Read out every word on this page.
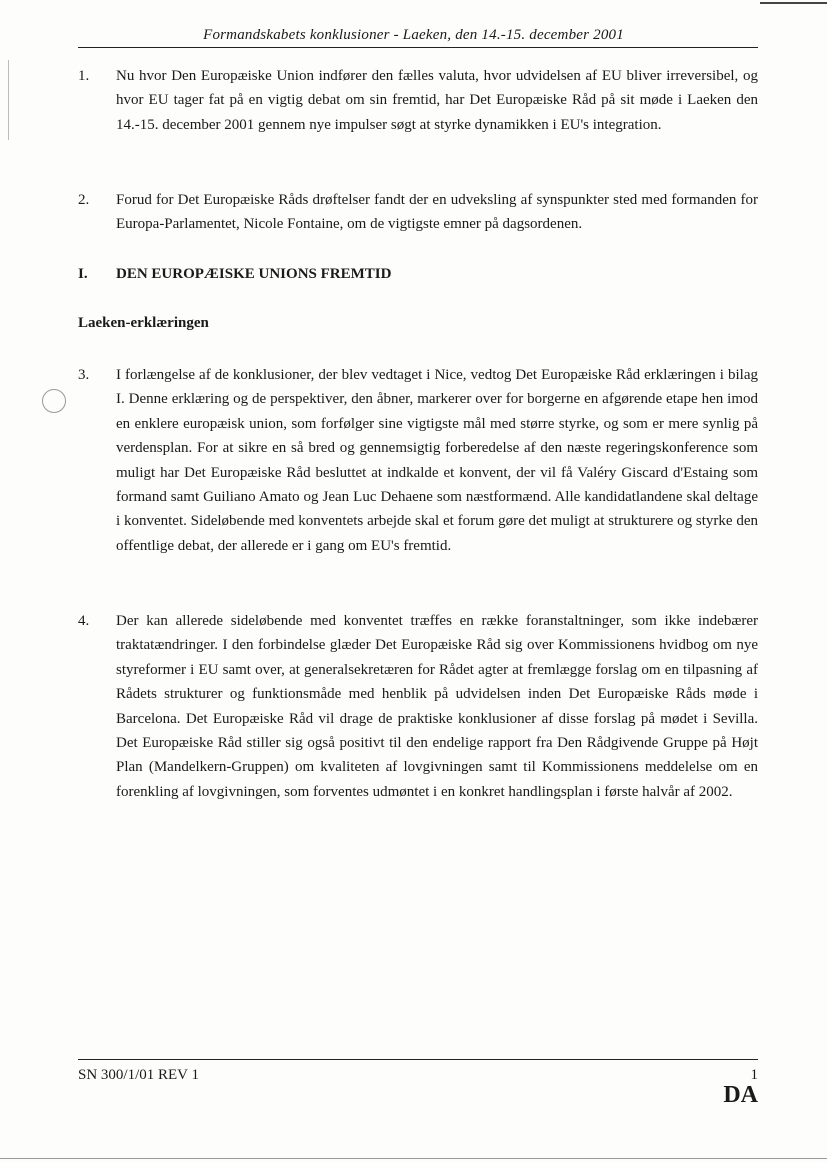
Formandskabets konklusioner - Laeken, den 14.-15. december 2001
1.	Nu hvor Den Europæiske Union indfører den fælles valuta, hvor udvidelsen af EU bliver irreversibel, og hvor EU tager fat på en vigtig debat om sin fremtid, har Det Europæiske Råd på sit møde i Laeken den 14.-15. december 2001 gennem nye impulser søgt at styrke dynamikken i EU's integration.
2.	Forud for Det Europæiske Råds drøftelser fandt der en udveksling af synspunkter sted med formanden for Europa-Parlamentet, Nicole Fontaine, om de vigtigste emner på dagsordenen.
I. DEN EUROPÆISKE UNIONS FREMTID
Laeken-erklæringen
3.	I forlængelse af de konklusioner, der blev vedtaget i Nice, vedtog Det Europæiske Råd erklæringen i bilag I. Denne erklæring og de perspektiver, den åbner, markerer over for borgerne en afgørende etape hen imod en enklere europæisk union, som forfølger sine vigtigste mål med større styrke, og som er mere synlig på verdensplan. For at sikre en så bred og gennemsigtig forberedelse af den næste regeringskonference som muligt har Det Europæiske Råd besluttet at indkalde et konvent, der vil få Valéry Giscard d'Estaing som formand samt Guiliano Amato og Jean Luc Dehaene som næstformænd. Alle kandidatlandene skal deltage i konventet. Sideløbende med konventets arbejde skal et forum gøre det muligt at strukturere og styrke den offentlige debat, der allerede er i gang om EU's fremtid.
4.	Der kan allerede sideløbende med konventet træffes en række foranstaltninger, som ikke indebærer traktatændringer. I den forbindelse glæder Det Europæiske Råd sig over Kommissionens hvidbog om nye styreformer i EU samt over, at generalsekretæren for Rådet agter at fremlægge forslag om en tilpasning af Rådets strukturer og funktionsmåde med henblik på udvidelsen inden Det Europæiske Råds møde i Barcelona. Det Europæiske Råd vil drage de praktiske konklusioner af disse forslag på mødet i Sevilla. Det Europæiske Råd stiller sig også positivt til den endelige rapport fra Den Rådgivende Gruppe på Højt Plan (Mandelkern-Gruppen) om kvaliteten af lovgivningen samt til Kommissionens meddelelse om en forenkling af lovgivningen, som forventes udmøntet i en konkret handlingsplan i første halvår af 2002.
SN 300/1/01 REV 1	1
DA
